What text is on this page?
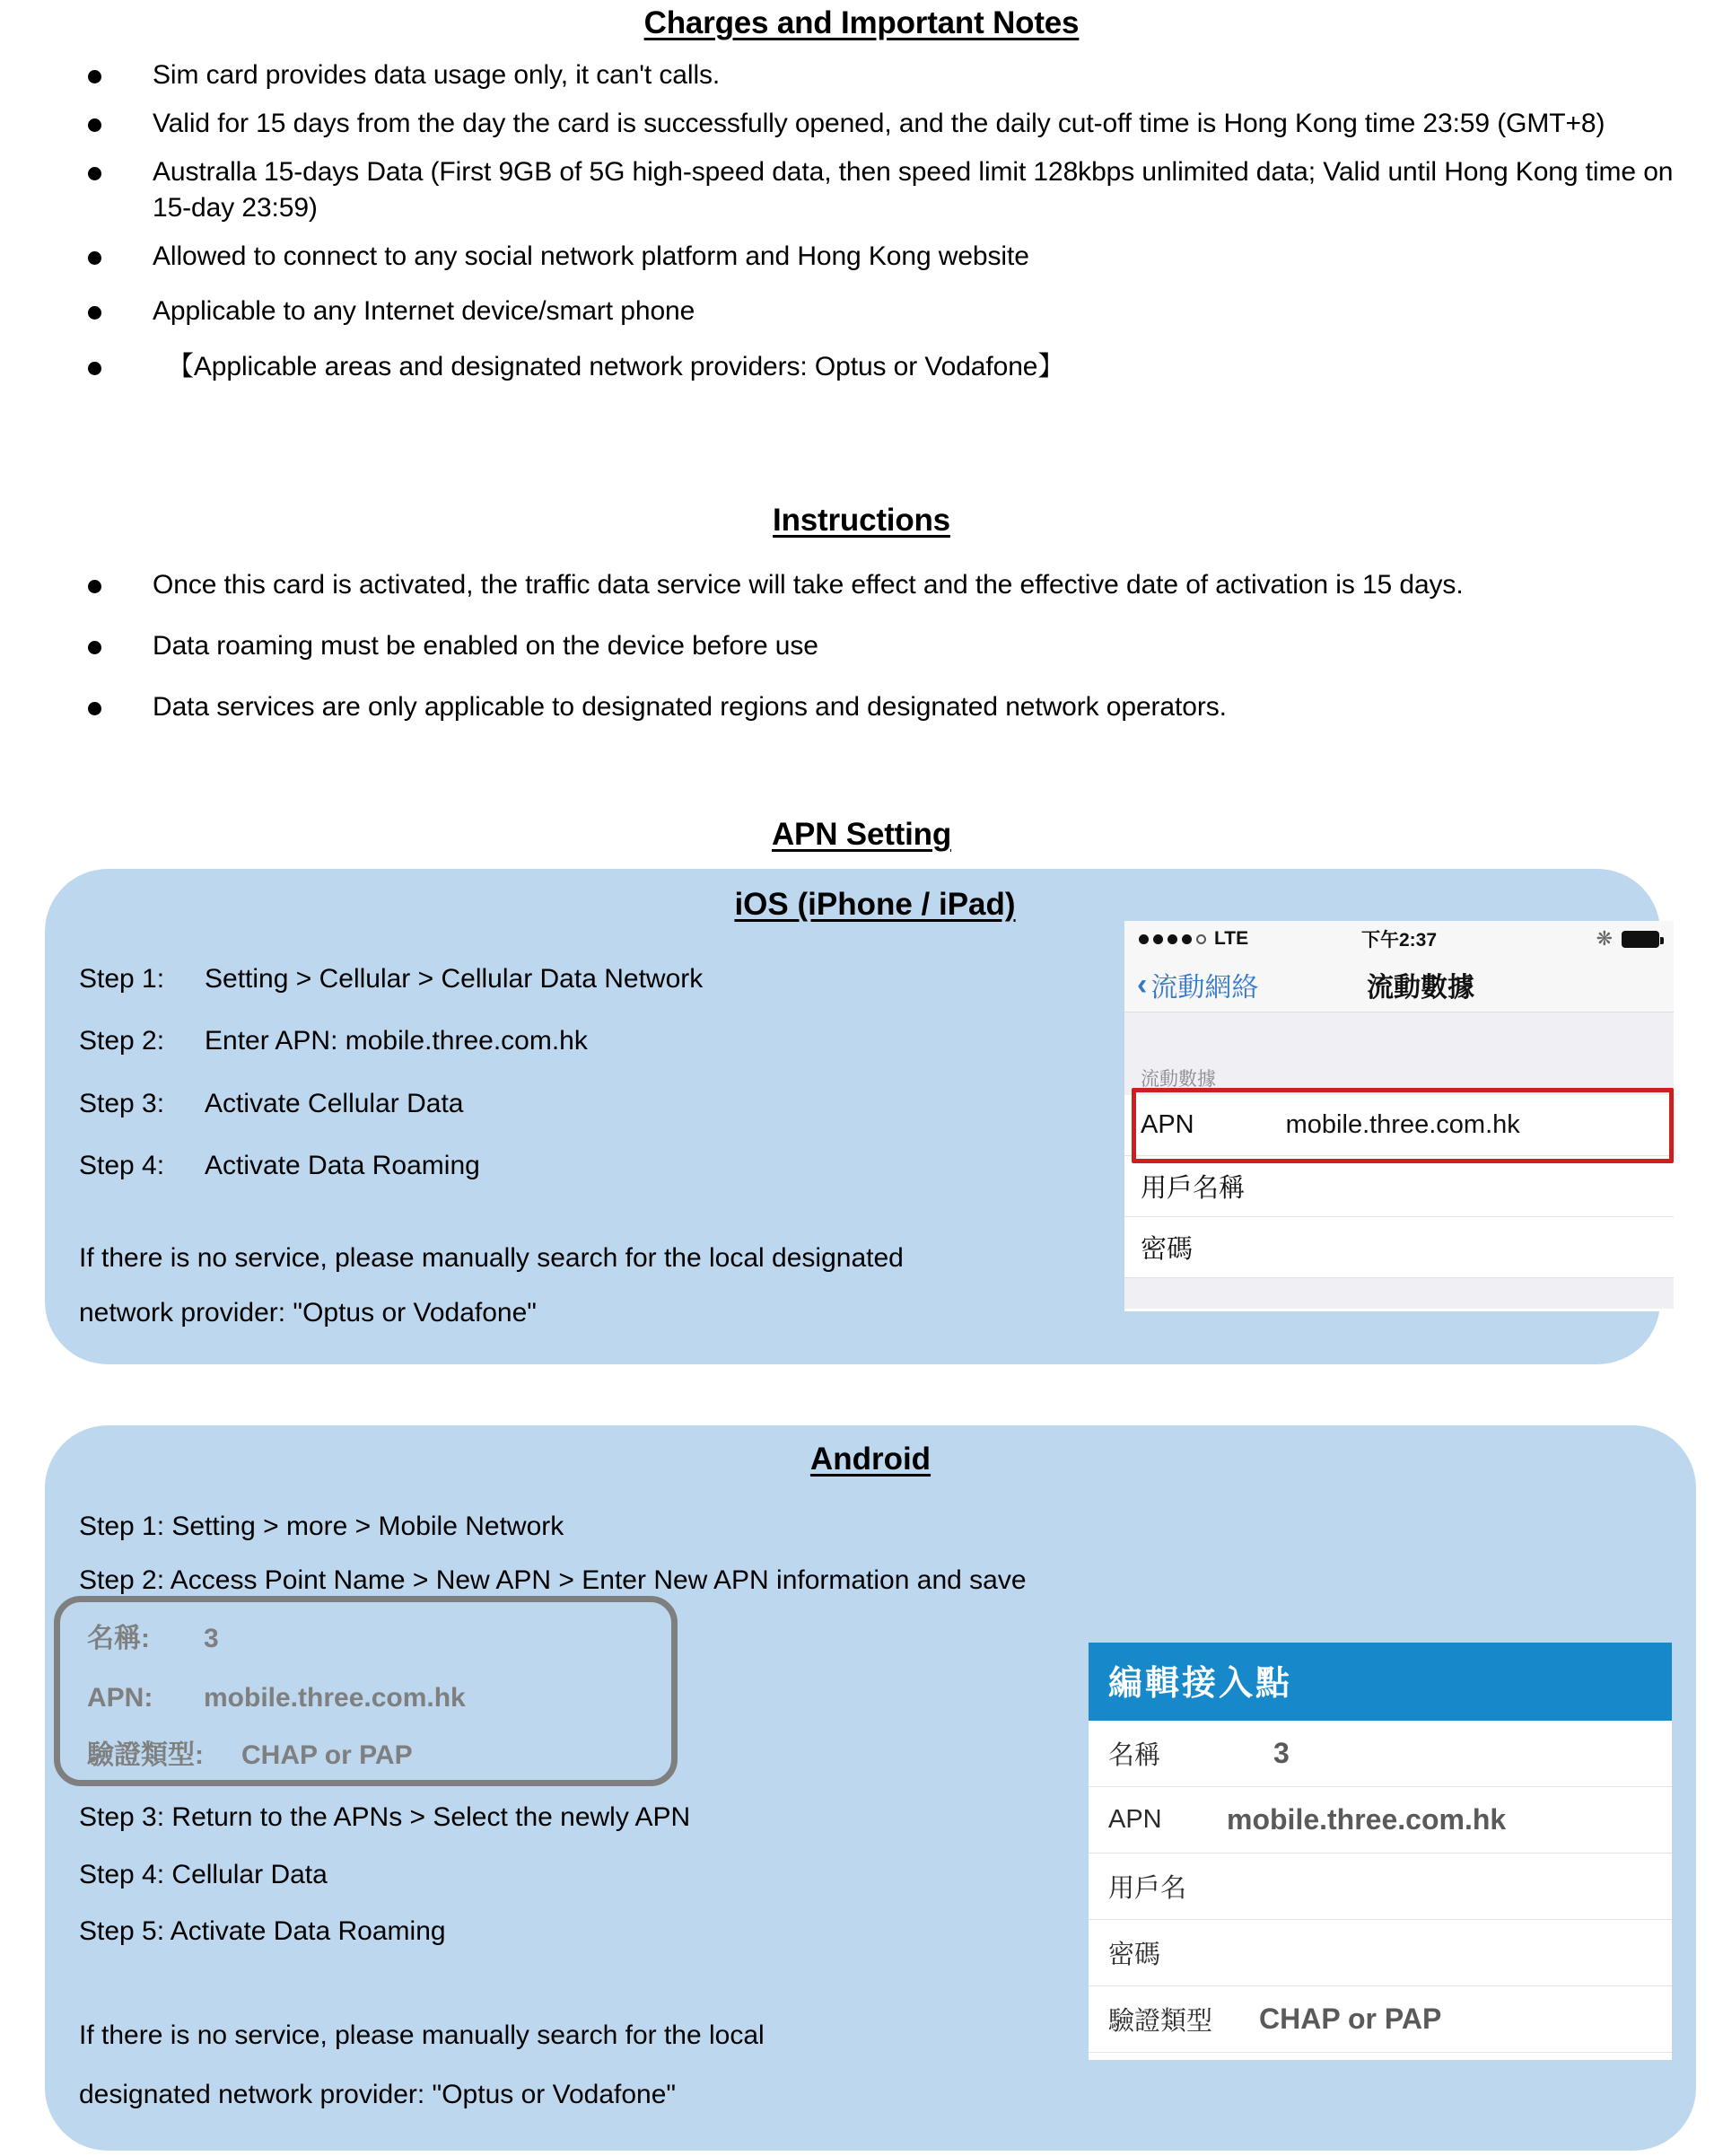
Charges and Important Notes
Sim card provides data usage only, it can't calls.
Valid for 15 days from the day the card is successfully opened, and the daily cut-off time is Hong Kong time 23:59 (GMT+8)
Australla 15-days Data (First 9GB of 5G high-speed data, then speed limit 128kbps unlimited data; Valid until Hong Kong time on 15-day 23:59)
Allowed to connect to any social network platform and Hong Kong website
Applicable to any Internet device/smart phone
【Applicable areas and designated network providers: Optus or Vodafone】
Instructions
Once this card is activated, the traffic data service will take effect and the effective date of activation is 15 days.
Data roaming must be enabled on the device before use
Data services are only applicable to designated regions and designated network operators.
APN Setting
iOS (iPhone / iPad)
Step 1: Setting > Cellular > Cellular Data Network
Step 2: Enter APN: mobile.three.com.hk
Step 3: Activate Cellular Data
Step 4: Activate Data Roaming
If there is no service, please manually search for the local designated
network provider: "Optus or Vodafone"
LTE	下午2:37	❋
‹ 流動網絡	流動數據
流動數據
APN	mobile.three.com.hk
用戶名稱
密碼
Android
Step 1: Setting > more > Mobile Network
Step 2: Access Point Name > New APN > Enter New APN information and save
名稱: 3
APN: mobile.three.com.hk
驗證類型: CHAP or PAP
Step 3: Return to the APNs > Select the newly APN
Step 4: Cellular Data
Step 5: Activate Data Roaming
If there is no service, please manually search for the local
designated network provider: "Optus or Vodafone"
編輯接入點
名稱	3
APN	mobile.three.com.hk
用戶名
密碼
驗證類型	CHAP or PAP
